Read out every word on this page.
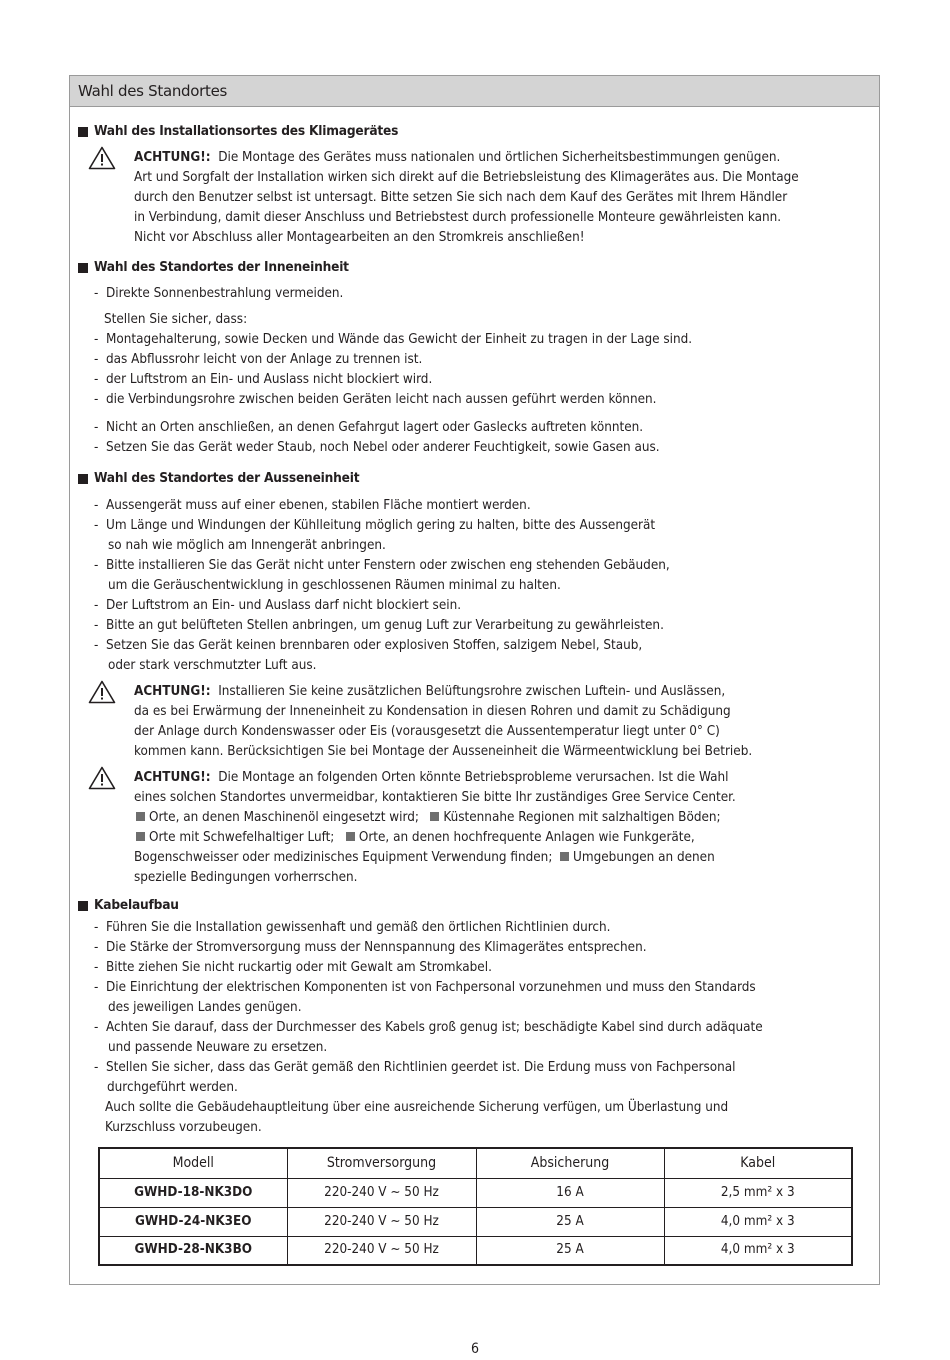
Wahl des Standortes
Wahl des Installationsortes des Klimagerätes
ACHTUNG!: Die Montage des Gerätes muss nationalen und örtlichen Sicherheitsbestimmungen genügen.
Art und Sorgfalt der Installation wirken sich direkt auf die Betriebsleistung des Klimagerätes aus. Die Montage
durch den Benutzer selbst ist untersagt. Bitte setzen Sie sich nach dem Kauf des Gerätes mit Ihrem Händler
in Verbindung, damit dieser Anschluss und Betriebstest durch professionelle Monteure gewährleisten kann.
Nicht vor Abschluss aller Montagearbeiten an den Stromkreis anschließen!
Wahl des Standortes der Inneneinheit
-  Direkte Sonnenbestrahlung vermeiden.
Stellen Sie sicher, dass:
-  Montagehalterung, sowie Decken und Wände das Gewicht der Einheit zu tragen in der Lage sind.
-  das Abflussrohr leicht von der Anlage zu trennen ist.
-  der Luftstrom an Ein- und Auslass nicht blockiert wird.
-  die Verbindungsrohre zwischen beiden Geräten leicht nach aussen geführt werden können.
-  Nicht an Orten anschließen, an denen Gefahrgut lagert oder Gaslecks auftreten könnten.
-  Setzen Sie das Gerät weder Staub, noch Nebel oder anderer Feuchtigkeit, sowie Gasen aus.
Wahl des Standortes der Ausseneinheit
-  Aussengerät muss auf einer ebenen, stabilen Fläche montiert werden.
-  Um Länge und Windungen der Kühlleitung möglich gering zu halten, bitte des Aussengerät
so nah wie möglich am Innengerät anbringen.
-  Bitte installieren Sie das Gerät nicht unter Fenstern oder zwischen eng stehenden Gebäuden,
um die Geräuschentwicklung in geschlossenen Räumen minimal zu halten.
-  Der Luftstrom an Ein- und Auslass darf nicht blockiert sein.
-  Bitte an gut belüfteten Stellen anbringen, um genug Luft zur Verarbeitung zu gewährleisten.
-  Setzen Sie das Gerät keinen brennbaren oder explosiven Stoffen, salzigem Nebel, Staub,
oder stark verschmutzter Luft aus.
ACHTUNG!: Installieren Sie keine zusätzlichen Belüftungsrohre zwischen Luftein- und Auslässen,
da es bei Erwärmung der Inneneinheit zu Kondensation in diesen Rohren und damit zu Schädigung
der Anlage durch Kondenswasser oder Eis (vorausgesetzt die Aussentemperatur liegt unter 0° C)
kommen kann. Berücksichtigen Sie bei Montage der Ausseneinheit die Wärmeentwicklung bei Betrieb.
ACHTUNG!: Die Montage an folgenden Orten könnte Betriebsprobleme verursachen. Ist die Wahl
eines solchen Standortes unvermeidbar, kontaktieren Sie bitte Ihr zuständiges Gree Service Center.
Orte, an denen Maschinenöl eingesetzt wird; Küstennahe Regionen mit salzhaltigen Böden;
Orte mit Schwefelhaltiger Luft; Orte, an denen hochfrequente Anlagen wie Funkgeräte,
Bogenschweisser oder medizinisches Equipment Verwendung finden; Umgebungen an denen
spezielle Bedingungen vorherrschen.
Kabelaufbau
-  Führen Sie die Installation gewissenhaft und gemäß den örtlichen Richtlinien durch.
-  Die Stärke der Stromversorgung muss der Nennspannung des Klimagerätes entsprechen.
-  Bitte ziehen Sie nicht ruckartig oder mit Gewalt am Stromkabel.
-  Die Einrichtung der elektrischen Komponenten ist von Fachpersonal vorzunehmen und muss den Standards
des jeweiligen Landes genügen.
-  Achten Sie darauf, dass der Durchmesser des Kabels groß genug ist; beschädigte Kabel sind durch adäquate
und passende Neuware zu ersetzen.
-  Stellen Sie sicher, dass das Gerät gemäß den Richtlinien geerdet ist. Die Erdung muss von Fachpersonal
durchgeführt werden.
Auch sollte die Gebäudehauptleitung über eine ausreichende Sicherung verfügen, um Überlastung und
Kurzschluss vorzubeugen.
Modell	Stromversorgung	Absicherung	Kabel
GWHD-18-NK3DO	220-240 V ~ 50 Hz	16 A	2,5 mm² x 3
GWHD-24-NK3EO	220-240 V ~ 50 Hz	25 A	4,0 mm² x 3
GWHD-28-NK3BO	220-240 V ~ 50 Hz	25 A	4,0 mm² x 3
6
